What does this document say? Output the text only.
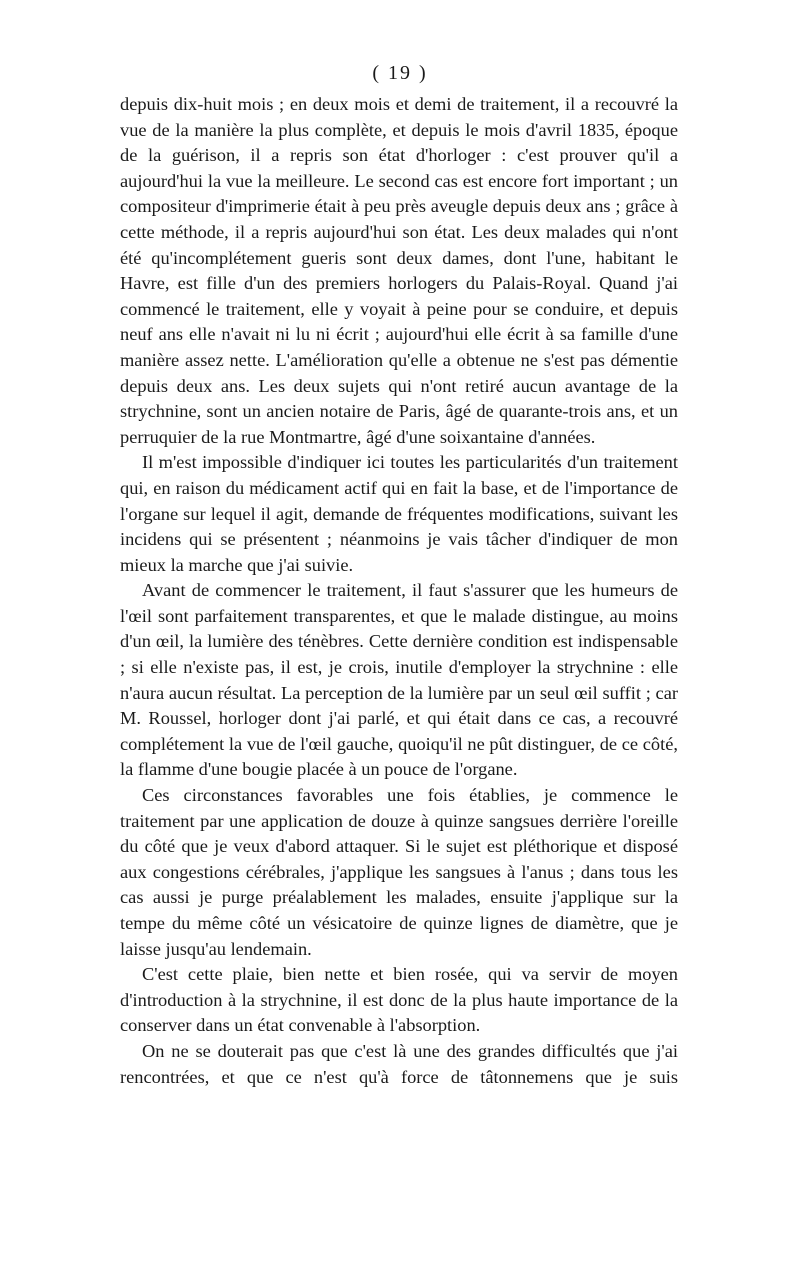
( 19 )

depuis dix-huit mois ; en deux mois et demi de traitement, il a recouvré la vue de la manière la plus complète, et depuis le mois d'avril 1835, époque de la guérison, il a repris son état d'horloger : c'est prouver qu'il a aujourd'hui la vue la meilleure. Le second cas est encore fort important ; un compositeur d'imprimerie était à peu près aveugle depuis deux ans ; grâce à cette méthode, il a repris aujourd'hui son état. Les deux malades qui n'ont été qu'incomplétement gueris sont deux dames, dont l'une, habitant le Havre, est fille d'un des premiers horlogers du Palais-Royal. Quand j'ai commencé le traitement, elle y voyait à peine pour se conduire, et depuis neuf ans elle n'avait ni lu ni écrit ; aujourd'hui elle écrit à sa famille d'une manière assez nette. L'amélioration qu'elle a obtenue ne s'est pas démentie depuis deux ans. Les deux sujets qui n'ont retiré aucun avantage de la strychnine, sont un ancien notaire de Paris, âgé de quarante-trois ans, et un perruquier de la rue Montmartre, âgé d'une soixantaine d'années.

Il m'est impossible d'indiquer ici toutes les particularités d'un traitement qui, en raison du médicament actif qui en fait la base, et de l'importance de l'organe sur lequel il agit, demande de fréquentes modifications, suivant les incidens qui se présentent ; néanmoins je vais tâcher d'indiquer de mon mieux la marche que j'ai suivie.

Avant de commencer le traitement, il faut s'assurer que les humeurs de l'œil sont parfaitement transparentes, et que le malade distingue, au moins d'un œil, la lumière des ténèbres. Cette dernière condition est indispensable ; si elle n'existe pas, il est, je crois, inutile d'employer la strychnine : elle n'aura aucun résultat. La perception de la lumière par un seul œil suffit ; car M. Roussel, horloger dont j'ai parlé, et qui était dans ce cas, a recouvré complétement la vue de l'œil gauche, quoiqu'il ne pût distinguer, de ce côté, la flamme d'une bougie placée à un pouce de l'organe.

Ces circonstances favorables une fois établies, je commence le traitement par une application de douze à quinze sangsues derrière l'oreille du côté que je veux d'abord attaquer. Si le sujet est pléthorique et disposé aux congestions cérébrales, j'applique les sangsues à l'anus ; dans tous les cas aussi je purge préalablement les malades, ensuite j'applique sur la tempe du même côté un vésicatoire de quinze lignes de diamètre, que je laisse jusqu'au lendemain.

C'est cette plaie, bien nette et bien rosée, qui va servir de moyen d'introduction à la strychnine, il est donc de la plus haute importance de la conserver dans un état convenable à l'absorption.

On ne se douterait pas que c'est là une des grandes difficultés que j'ai rencontrées, et que ce n'est qu'à force de tâtonnemens que je suis
